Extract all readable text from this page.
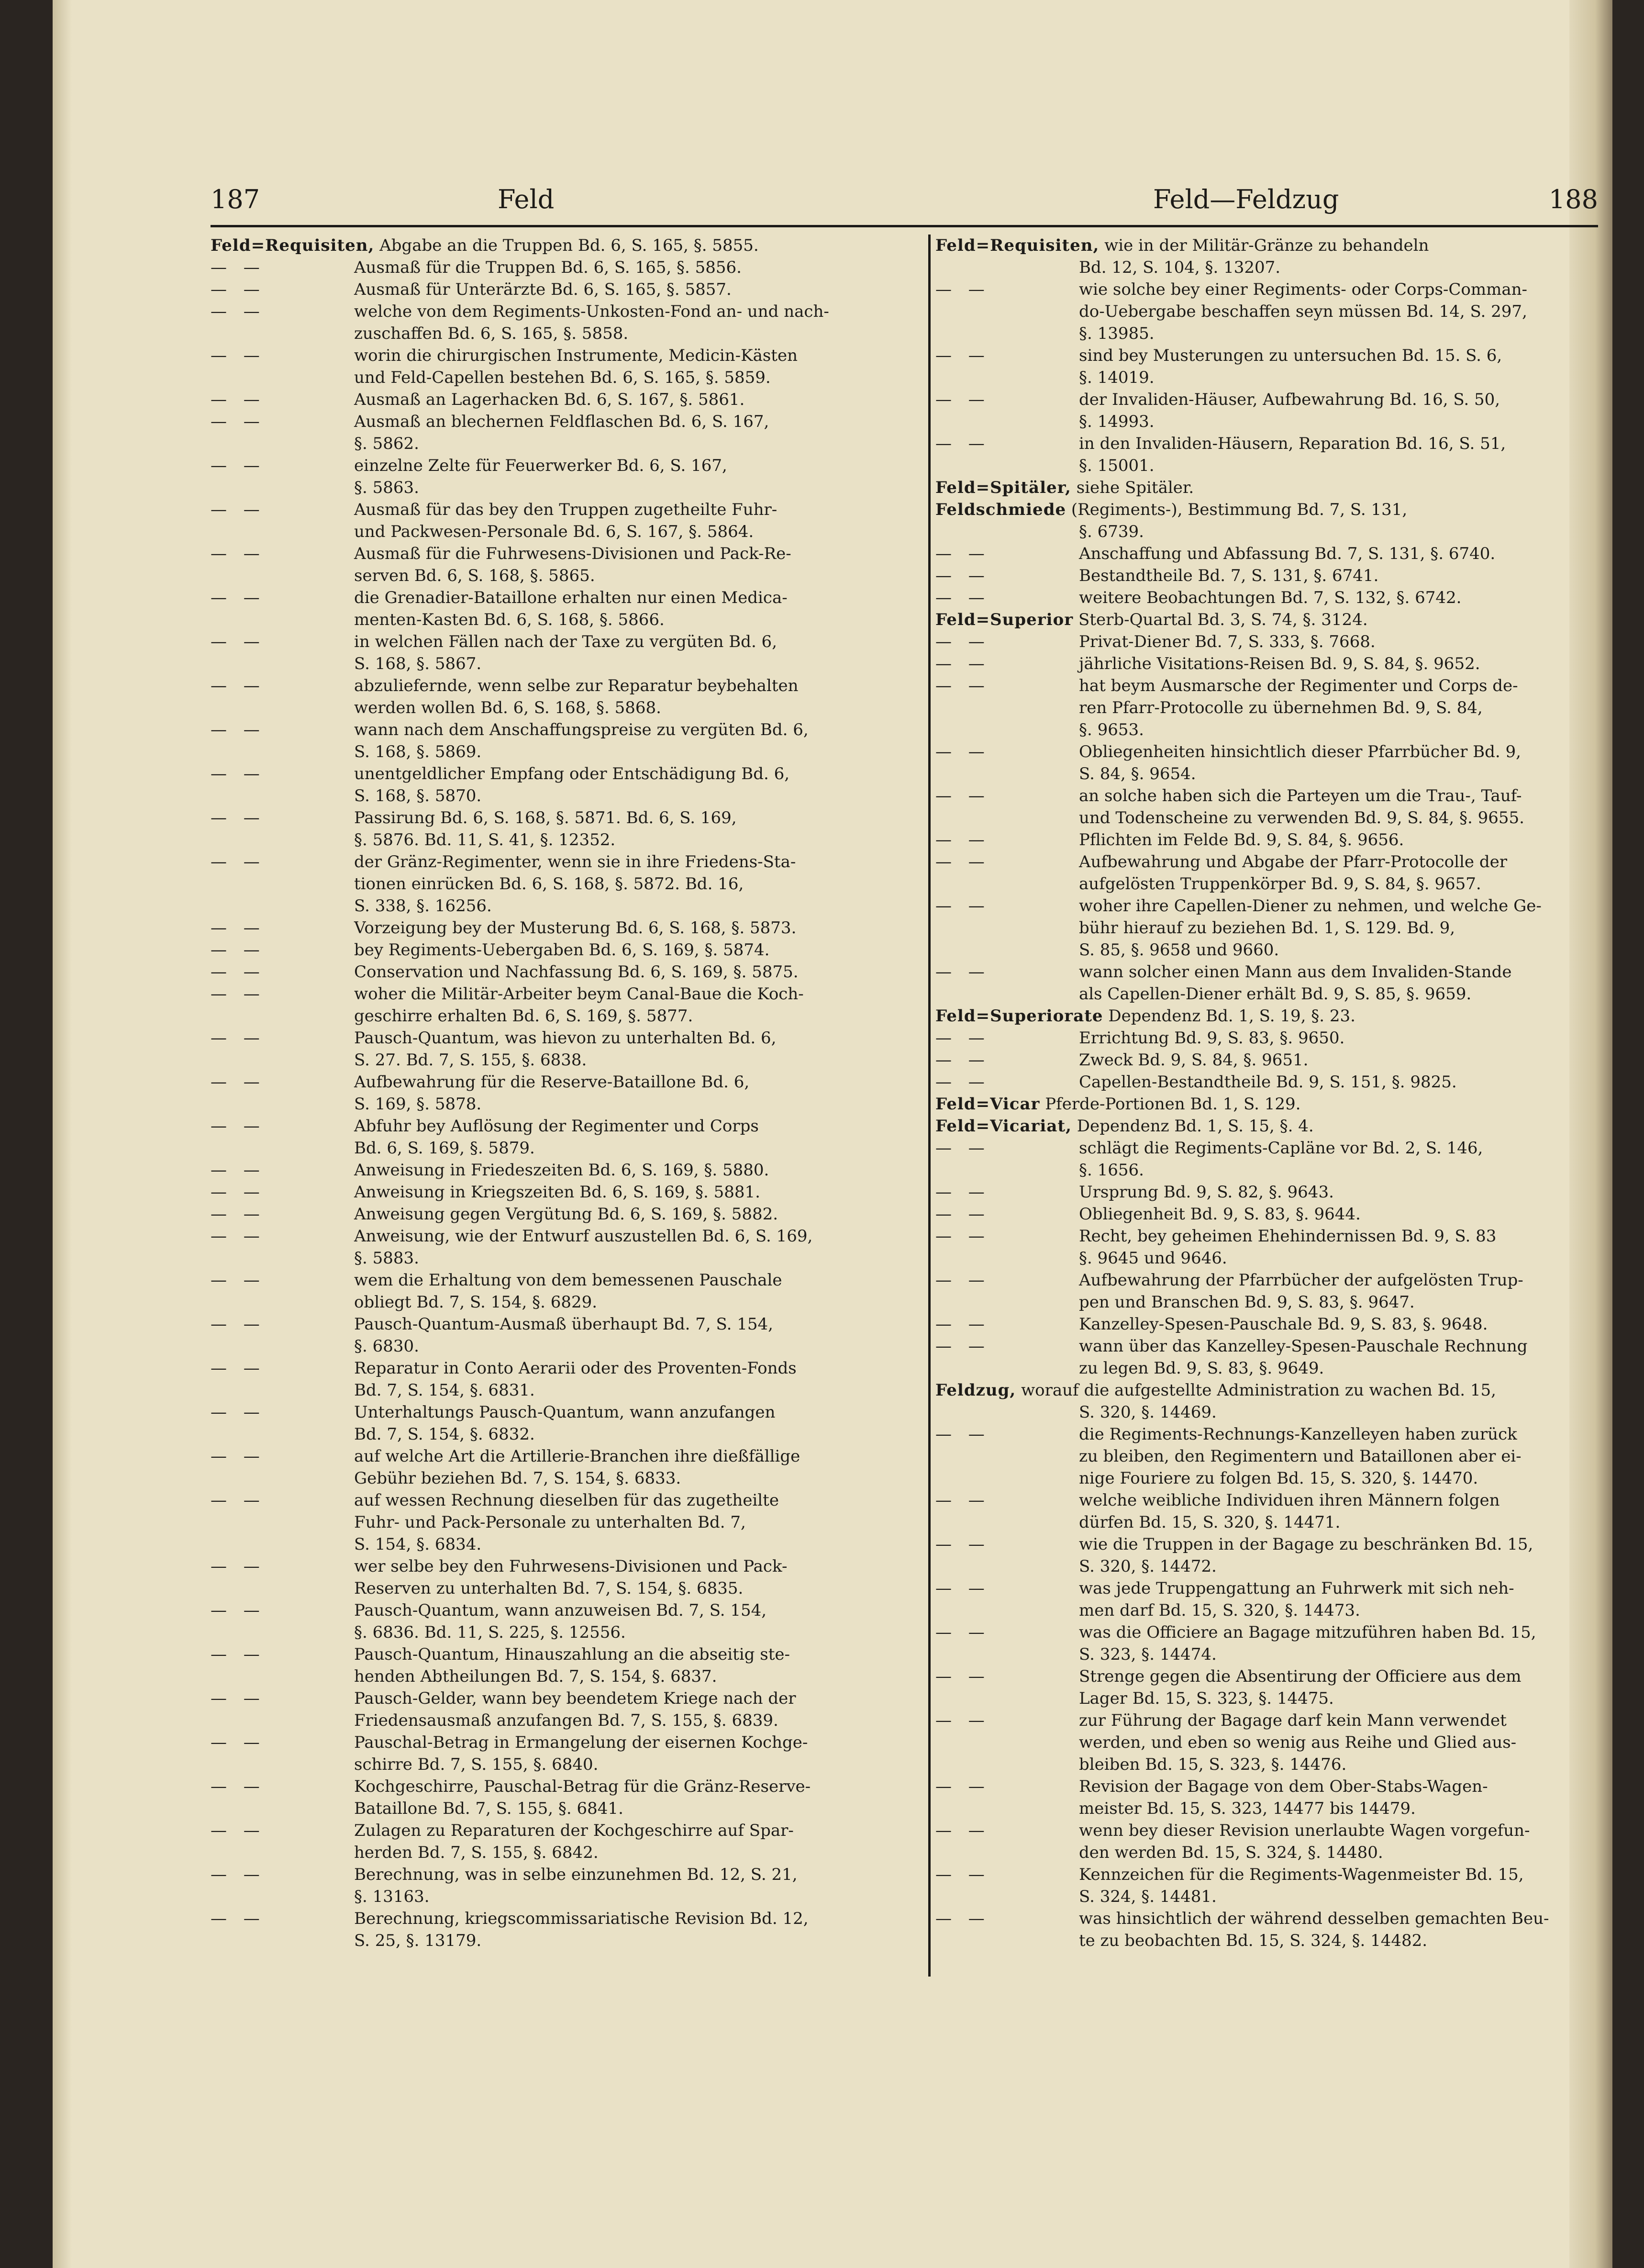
187	Feld	Feld—Feldzug	188
Feld=Requisiten, Abgabe an die Truppen Bd. 6, S. 165, §. 5855.
— —	Ausmaß für die Truppen Bd. 6, S. 165, §. 5856.
— —	Ausmaß für Unterärzte Bd. 6, S. 165, §. 5857.
— —	welche von dem Regiments-Unkosten-Fond an- und nach-
zuschaffen Bd. 6, S. 165, §. 5858.
— —	worin die chirurgischen Instrumente, Medicin-Kästen
und Feld-Capellen bestehen Bd. 6, S. 165, §. 5859.
— —	Ausmaß an Lagerhacken Bd. 6, S. 167, §. 5861.
— —	Ausmaß an blechernen Feldflaschen Bd. 6, S. 167,
§. 5862.
— —	einzelne Zelte für Feuerwerker Bd. 6, S. 167,
§. 5863.
— —	Ausmaß für das bey den Truppen zugetheilte Fuhr-
und Packwesen-Personale Bd. 6, S. 167, §. 5864.
— —	Ausmaß für die Fuhrwesens-Divisionen und Pack-Re-
serven Bd. 6, S. 168, §. 5865.
— —	die Grenadier-Bataillone erhalten nur einen Medica-
menten-Kasten Bd. 6, S. 168, §. 5866.
— —	in welchen Fällen nach der Taxe zu vergüten Bd. 6,
S. 168, §. 5867.
— —	abzuliefernde, wenn selbe zur Reparatur beybehalten
werden wollen Bd. 6, S. 168, §. 5868.
— —	wann nach dem Anschaffungspreise zu vergüten Bd. 6,
S. 168, §. 5869.
— —	unentgeldlicher Empfang oder Entschädigung Bd. 6,
S. 168, §. 5870.
— —	Passirung Bd. 6, S. 168, §. 5871. Bd. 6, S. 169,
§. 5876. Bd. 11, S. 41, §. 12352.
— —	der Gränz-Regimenter, wenn sie in ihre Friedens-Sta-
tionen einrücken Bd. 6, S. 168, §. 5872. Bd. 16,
S. 338, §. 16256.
— —	Vorzeigung bey der Musterung Bd. 6, S. 168, §. 5873.
— —	bey Regiments-Uebergaben Bd. 6, S. 169, §. 5874.
— —	Conservation und Nachfassung Bd. 6, S. 169, §. 5875.
— —	woher die Militär-Arbeiter beym Canal-Baue die Koch-
geschirre erhalten Bd. 6, S. 169, §. 5877.
— —	Pausch-Quantum, was hievon zu unterhalten Bd. 6,
S. 27. Bd. 7, S. 155, §. 6838.
— —	Aufbewahrung für die Reserve-Bataillone Bd. 6,
S. 169, §. 5878.
— —	Abfuhr bey Auflösung der Regimenter und Corps
Bd. 6, S. 169, §. 5879.
— —	Anweisung in Friedeszeiten Bd. 6, S. 169, §. 5880.
— —	Anweisung in Kriegszeiten Bd. 6, S. 169, §. 5881.
— —	Anweisung gegen Vergütung Bd. 6, S. 169, §. 5882.
— —	Anweisung, wie der Entwurf auszustellen Bd. 6, S. 169,
§. 5883.
— —	wem die Erhaltung von dem bemessenen Pauschale
obliegt Bd. 7, S. 154, §. 6829.
— —	Pausch-Quantum-Ausmaß überhaupt Bd. 7, S. 154,
§. 6830.
— —	Reparatur in Conto Aerarii oder des Proventen-Fonds
Bd. 7, S. 154, §. 6831.
— —	Unterhaltungs Pausch-Quantum, wann anzufangen
Bd. 7, S. 154, §. 6832.
— —	auf welche Art die Artillerie-Branchen ihre dießfällige
Gebühr beziehen Bd. 7, S. 154, §. 6833.
— —	auf wessen Rechnung dieselben für das zugetheilte
Fuhr- und Pack-Personale zu unterhalten Bd. 7,
S. 154, §. 6834.
— —	wer selbe bey den Fuhrwesens-Divisionen und Pack-
Reserven zu unterhalten Bd. 7, S. 154, §. 6835.
— —	Pausch-Quantum, wann anzuweisen Bd. 7, S. 154,
§. 6836. Bd. 11, S. 225, §. 12556.
— —	Pausch-Quantum, Hinauszahlung an die abseitig ste-
henden Abtheilungen Bd. 7, S. 154, §. 6837.
— —	Pausch-Gelder, wann bey beendetem Kriege nach der
Friedensausmaß anzufangen Bd. 7, S. 155, §. 6839.
— —	Pauschal-Betrag in Ermangelung der eisernen Kochge-
schirre Bd. 7, S. 155, §. 6840.
— —	Kochgeschirre, Pauschal-Betrag für die Gränz-Reserve-
Bataillone Bd. 7, S. 155, §. 6841.
— —	Zulagen zu Reparaturen der Kochgeschirre auf Spar-
herden Bd. 7, S. 155, §. 6842.
— —	Berechnung, was in selbe einzunehmen Bd. 12, S. 21,
§. 13163.
— —	Berechnung, kriegscommissariatische Revision Bd. 12,
S. 25, §. 13179.
Feld=Requisiten, wie in der Militär-Gränze zu behandeln
Bd. 12, S. 104, §. 13207.
— —	wie solche bey einer Regiments- oder Corps-Comman-
do-Uebergabe beschaffen seyn müssen Bd. 14, S. 297,
§. 13985.
— —	sind bey Musterungen zu untersuchen Bd. 15. S. 6,
§. 14019.
— —	der Invaliden-Häuser, Aufbewahrung Bd. 16, S. 50,
§. 14993.
— —	in den Invaliden-Häusern, Reparation Bd. 16, S. 51,
§. 15001.
Feld=Spitäler, siehe Spitäler.
Feldschmiede (Regiments-), Bestimmung Bd. 7, S. 131,
§. 6739.
— —	Anschaffung und Abfassung Bd. 7, S. 131, §. 6740.
— —	Bestandtheile Bd. 7, S. 131, §. 6741.
— —	weitere Beobachtungen Bd. 7, S. 132, §. 6742.
Feld=Superior Sterb-Quartal Bd. 3, S. 74, §. 3124.
— —	Privat-Diener Bd. 7, S. 333, §. 7668.
— —	jährliche Visitations-Reisen Bd. 9, S. 84, §. 9652.
— —	hat beym Ausmarsche der Regimenter und Corps de-
ren Pfarr-Protocolle zu übernehmen Bd. 9, S. 84,
§. 9653.
— —	Obliegenheiten hinsichtlich dieser Pfarrbücher Bd. 9,
S. 84, §. 9654.
— —	an solche haben sich die Parteyen um die Trau-, Tauf-
und Todenscheine zu verwenden Bd. 9, S. 84, §. 9655.
— —	Pflichten im Felde Bd. 9, S. 84, §. 9656.
— —	Aufbewahrung und Abgabe der Pfarr-Protocolle der
aufgelösten Truppenkörper Bd. 9, S. 84, §. 9657.
— —	woher ihre Capellen-Diener zu nehmen, und welche Ge-
bühr hierauf zu beziehen Bd. 1, S. 129. Bd. 9,
S. 85, §. 9658 und 9660.
— —	wann solcher einen Mann aus dem Invaliden-Stande
als Capellen-Diener erhält Bd. 9, S. 85, §. 9659.
Feld=Superiorate Dependenz Bd. 1, S. 19, §. 23.
— —	Errichtung Bd. 9, S. 83, §. 9650.
— —	Zweck Bd. 9, S. 84, §. 9651.
— —	Capellen-Bestandtheile Bd. 9, S. 151, §. 9825.
Feld=Vicar Pferde-Portionen Bd. 1, S. 129.
Feld=Vicariat, Dependenz Bd. 1, S. 15, §. 4.
— —	schlägt die Regiments-Capläne vor Bd. 2, S. 146,
§. 1656.
— —	Ursprung Bd. 9, S. 82, §. 9643.
— —	Obliegenheit Bd. 9, S. 83, §. 9644.
— —	Recht, bey geheimen Ehehindernissen Bd. 9, S. 83
§. 9645 und 9646.
— —	Aufbewahrung der Pfarrbücher der aufgelösten Trup-
pen und Branschen Bd. 9, S. 83, §. 9647.
— —	Kanzelley-Spesen-Pauschale Bd. 9, S. 83, §. 9648.
— —	wann über das Kanzelley-Spesen-Pauschale Rechnung
zu legen Bd. 9, S. 83, §. 9649.
Feldzug, worauf die aufgestellte Administration zu wachen Bd. 15,
S. 320, §. 14469.
— —	die Regiments-Rechnungs-Kanzelleyen haben zurück
zu bleiben, den Regimentern und Bataillonen aber ei-
nige Fouriere zu folgen Bd. 15, S. 320, §. 14470.
— —	welche weibliche Individuen ihren Männern folgen
dürfen Bd. 15, S. 320, §. 14471.
— —	wie die Truppen in der Bagage zu beschränken Bd. 15,
S. 320, §. 14472.
— —	was jede Truppengattung an Fuhrwerk mit sich neh-
men darf Bd. 15, S. 320, §. 14473.
— —	was die Officiere an Bagage mitzuführen haben Bd. 15,
S. 323, §. 14474.
— —	Strenge gegen die Absentirung der Officiere aus dem
Lager Bd. 15, S. 323, §. 14475.
— —	zur Führung der Bagage darf kein Mann verwendet
werden, und eben so wenig aus Reihe und Glied aus-
bleiben Bd. 15, S. 323, §. 14476.
— —	Revision der Bagage von dem Ober-Stabs-Wagen-
meister Bd. 15, S. 323, 14477 bis 14479.
— —	wenn bey dieser Revision unerlaubte Wagen vorgefun-
den werden Bd. 15, S. 324, §. 14480.
— —	Kennzeichen für die Regiments-Wagenmeister Bd. 15,
S. 324, §. 14481.
— —	was hinsichtlich der während desselben gemachten Beu-
te zu beobachten Bd. 15, S. 324, §. 14482.
